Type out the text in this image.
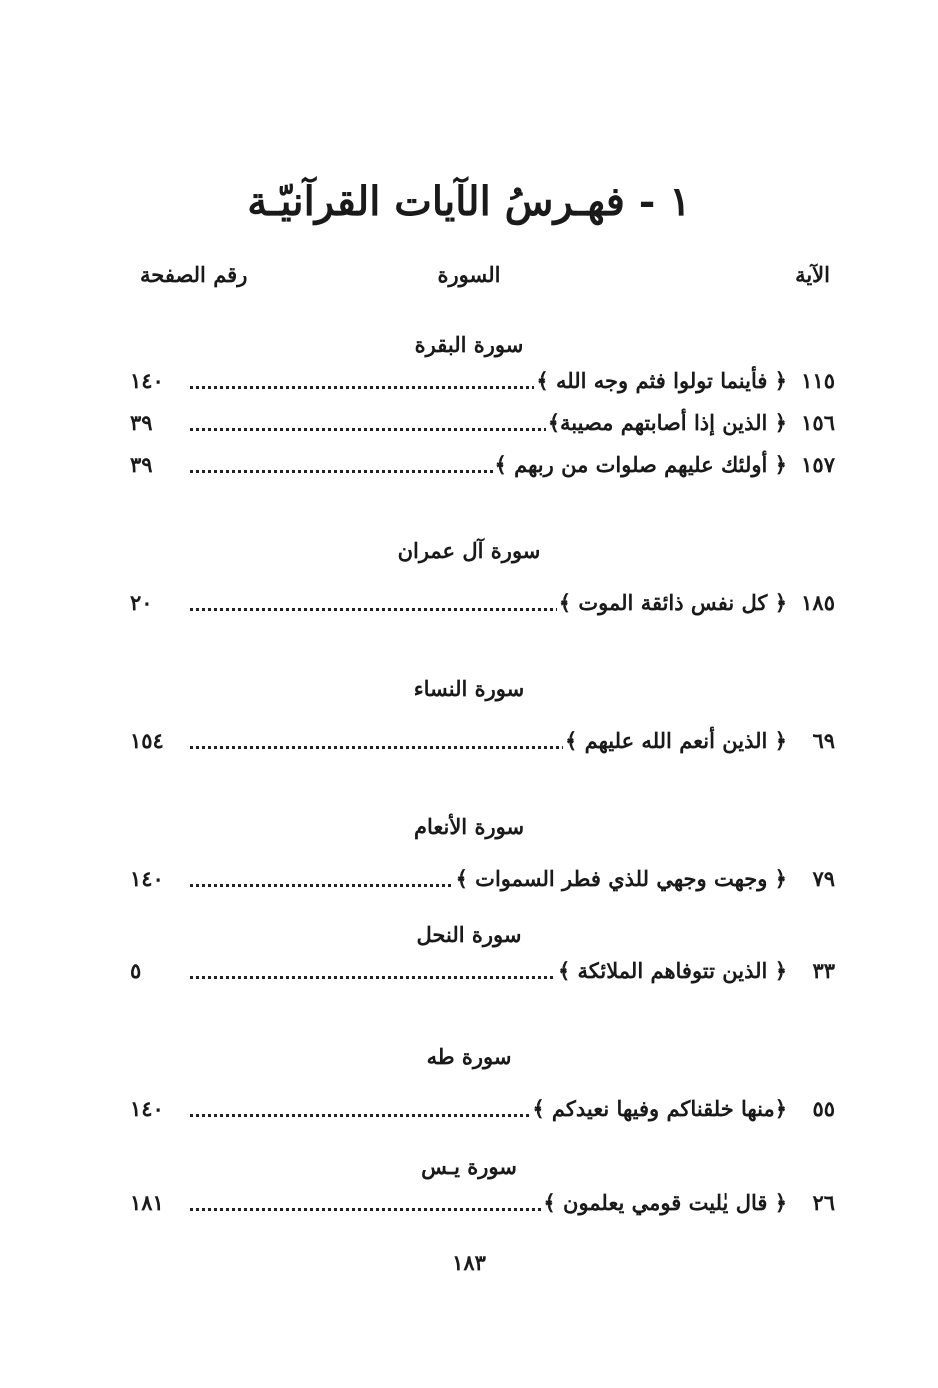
١ - فهـرسُ الآيات القرآنيّـة
الآية
السورة
رقم الصفحة
سورة البقرة
١١٥
﴿ فأينما تولوا فثم وجه الله ﴾
١٤٠
١٥٦
﴿ الذين إذا أصابتهم مصيبة﴾
٣٩
١٥٧
﴿ أولئك عليهم صلوات من ربهم ﴾
٣٩
سورة آل عمران
١٨٥
﴿ كل نفس ذائقة الموت ﴾
٢٠
سورة النساء
٦٩
﴿ الذين أنعم الله عليهم ﴾
١٥٤
سورة الأنعام
٧٩
﴿ وجهت وجهي للذي فطر السموات ﴾
١٤٠
سورة النحل
٣٣
﴿ الذين تتوفاهم الملائكة ﴾
٥
سورة طه
٥٥
﴿منها خلقناكم وفيها نعيدكم ﴾
١٤٠
سورة يـس
٢٦
﴿ قال يٰليت قومي يعلمون ﴾
١٨١
١٨٣
